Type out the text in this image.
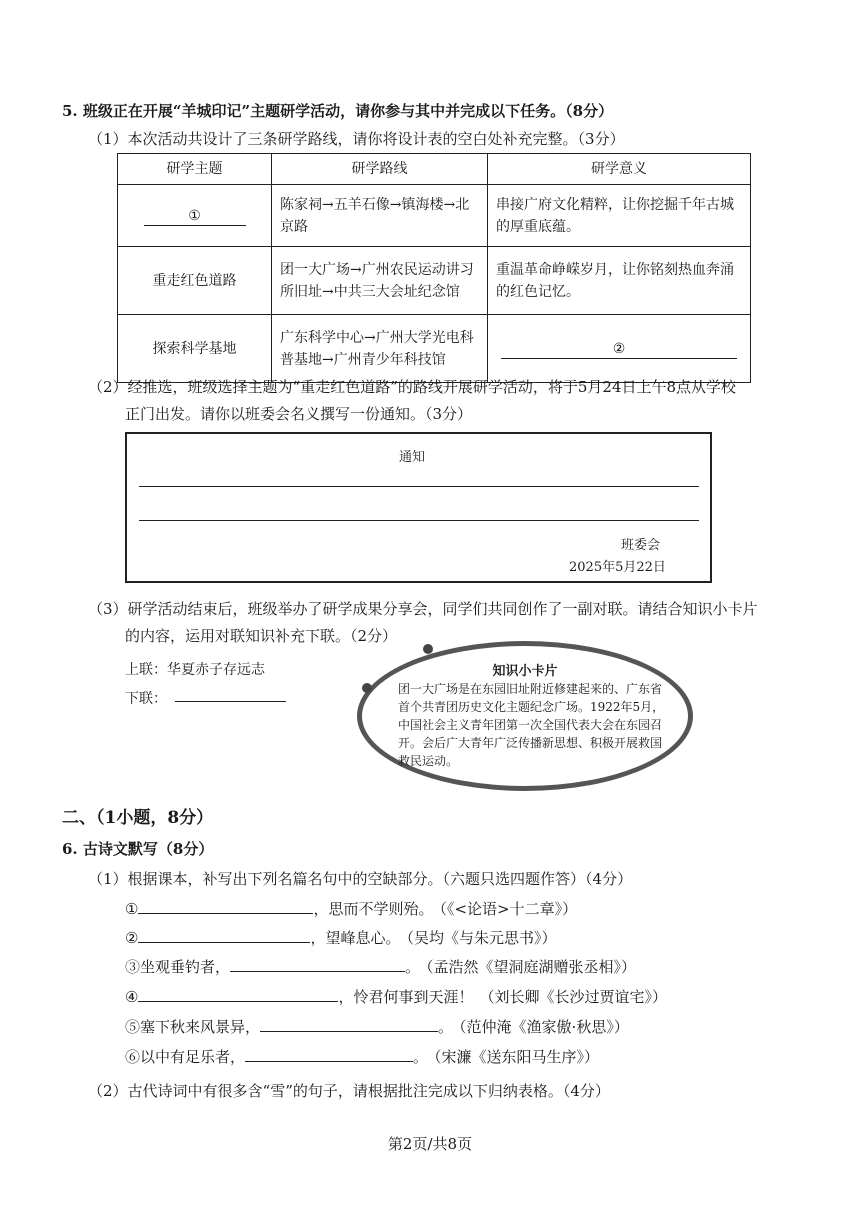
5. 班级正在开展“羊城印记”主题研学活动，请你参与其中并完成以下任务。（8分）
（1）本次活动共设计了三条研学路线，请你将设计表的空白处补充完整。（3分）
研学主题	研学路线	研学意义
①	陈家祠→五羊石像→镇海楼→北京路	串接广府文化精粹，让你挖掘千年古城的厚重底蕴。
重走红色道路	团一大广场→广州农民运动讲习所旧址→中共三大会址纪念馆	重温革命峥嵘岁月，让你铭刻热血奔涌的红色记忆。
探索科学基地	广东科学中心→广州大学光电科普基地→广州青少年科技馆	②
（2）经推选，班级选择主题为“重走红色道路”的路线开展研学活动，将于5月24日上午8点从学校
正门出发。请你以班委会名义撰写一份通知。（3分）
通知
班委会
2025年5月22日
（3）研学活动结束后，班级举办了研学成果分享会，同学们共同创作了一副对联。请结合知识小卡片
的内容，运用对联知识补充下联。（2分）
上联：华夏赤子存远志
下联：
知识小卡片
团一大广场是在东园旧址附近修建起来的、广东省首个共青团历史文化主题纪念广场。1922年5月，中国社会主义青年团第一次全国代表大会在东园召开。会后广大青年广泛传播新思想、积极开展救国救民运动。
二、（1小题，8分）
6. 古诗文默写（8分）
（1）根据课本，补写出下列名篇名句中的空缺部分。（六题只选四题作答）（4分）
①	，思而不学则殆。 （《<论语>十二章》）
②	，望峰息心。 （吴均《与朱元思书》）
③坐观垂钓者，	。 （孟浩然《望洞庭湖赠张丞相》）
④	，怜君何事到天涯！ （刘长卿《长沙过贾谊宅》）
⑤塞下秋来风景异，	。 （范仲淹《渔家傲·秋思》）
⑥以中有足乐者，	。 （宋濂《送东阳马生序》）
（2）古代诗词中有很多含“雪”的句子，请根据批注完成以下归纳表格。（4分）
第2页/共8页
